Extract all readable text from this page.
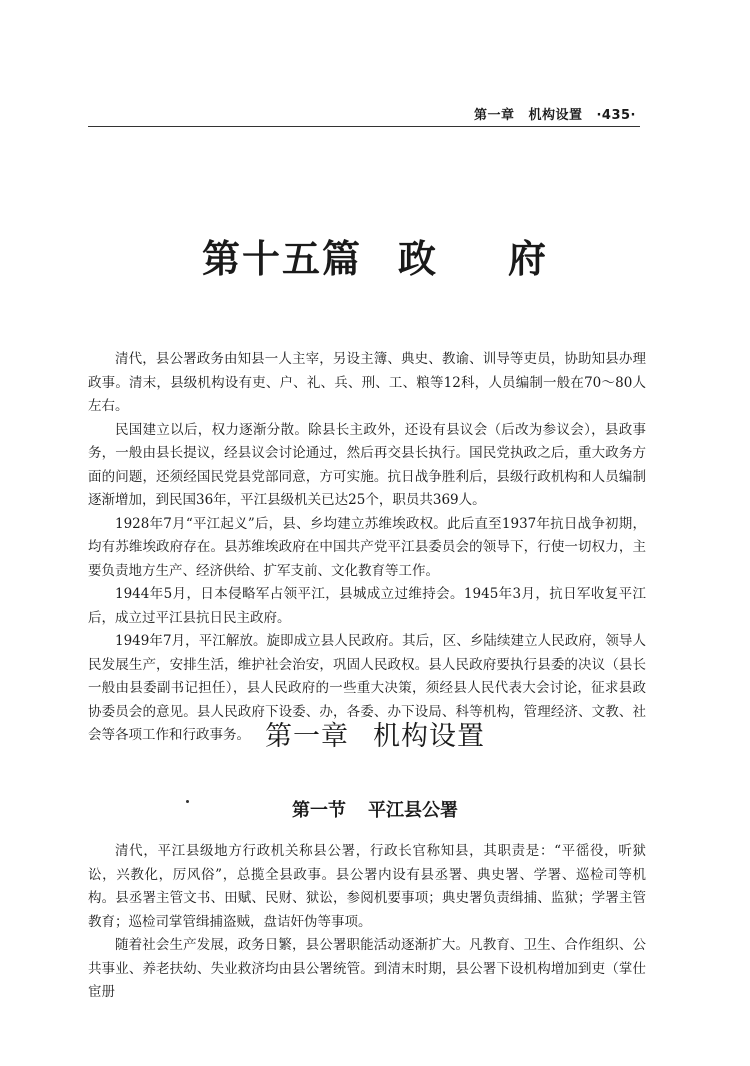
第一章 机构设置 ·435·
第十五篇 政 府

清代，县公署政务由知县一人主宰，另设主簿、典史、教谕、训导等吏员，协助知县办理政事。清末，县级机构设有吏、户、礼、兵、刑、工、粮等12科，人员编制一般在70～80人左右。

民国建立以后，权力逐渐分散。除县长主政外，还设有县议会（后改为参议会），县政事务，一般由县长提议，经县议会讨论通过，然后再交县长执行。国民党执政之后，重大政务方面的问题，还须经国民党县党部同意，方可实施。抗日战争胜利后，县级行政机构和人员编制逐渐增加，到民国36年，平江县级机关已达25个，职员共369人。

1928年7月“平江起义”后，县、乡均建立苏维埃政权。此后直至1937年抗日战争初期，均有苏维埃政府存在。县苏维埃政府在中国共产党平江县委员会的领导下，行使一切权力，主要负责地方生产、经济供给、扩军支前、文化教育等工作。

1944年5月，日本侵略军占领平江，县城成立过维持会。1945年3月，抗日军收复平江后，成立过平江县抗日民主政府。

1949年7月，平江解放。旋即成立县人民政府。其后，区、乡陆续建立人民政府，领导人民发展生产，安排生活，维护社会治安，巩固人民政权。县人民政府要执行县委的决议（县长一般由县委副书记担任），县人民政府的一些重大决策，须经县人民代表大会讨论，征求县政协委员会的意见。县人民政府下设委、办，各委、办下设局、科等机构，管理经济、文教、社会等各项工作和行政事务。 第一章 机构设置
第一节 平江县公署

清代，平江县级地方行政机关称县公署，行政长官称知县，其职责是：“平徭役，听狱讼，兴教化，厉风俗”，总揽全县政事。县公署内设有县丞署、典史署、学署、巡检司等机构。县丞署主管文书、田赋、民财、狱讼，参阅机要事项；典史署负责缉捕、监狱；学署主管教育；巡检司掌管缉捕盗贼，盘诘奸伪等事项。

随着社会生产发展，政务日繁，县公署职能活动逐渐扩大。凡教育、卫生、合作组织、公共事业、养老扶幼、失业救济均由县公署统管。到清末时期，县公署下设机构增加到吏（掌仕宦册
